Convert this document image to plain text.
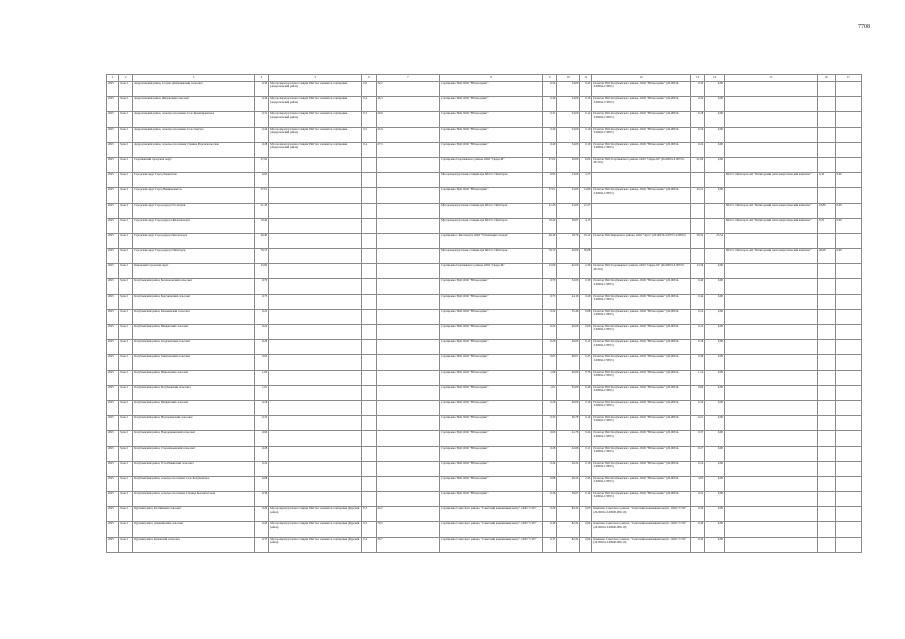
7708
1	2	3	4	5	6	7	8	9	10	11	12	13	14	15	16	17
2025	Зона 2	Андроповский район, Солуно-Дмитриевский сельсовет	0,36	Мусороперегрузочная станция ТКО без элементов сортировки (Андроповский район)	0,0	32,2	Сортировка ТКО ООО "Югэкосервис"	0,54	54,00	0,22	Полигон ТКО Кочубеевского района, ООО "Югэкосервис" (26-00014-З-00604-170815)	0,32	0,00			
2025	Зона 2	Андроповский район, Янкульский сельсовет	0,46	Мусороперегрузочная станция ТКО без элементов сортировки (Андроповский район)	0,4	46,3	Сортировка ТКО ООО "Югэкосервис"	0,40	54,00	0,16	Полигон ТКО Кочубеевского района, ООО "Югэкосервис" (26-00014-З-00604-170815)	0,24	0,00			
2025	Зона 2	Андроповский район, сельское поселение Село Крымгиреевское	0,31	Мусороперегрузочная станция ТКО без элементов сортировки (Андроповский район)	0,3	29,9	Сортировка ТКО ООО "Югэкосервис"	0,31	54,00	0,12	Полигон ТКО Кочубеевского района, ООО "Югэкосервис" (26-00014-З-00604-170815)	0,18	0,00			
2025	Зона 2	Андроповский район, сельское поселение Село Светлое	0,26	Мусороперегрузочная станция ТКО без элементов сортировки (Андроповский район)	0,2	25,9	Сортировка ТКО ООО "Югэкосервис"	0,26	54,00	0,10	Полигон ТКО Кочубеевского района, ООО "Югэкосервис" (26-00014-З-00604-170815)	0,16	0,00			
2025	Зона 2	Андроповский район, сельское поселение Станица Воровсколесская	0,28	Мусороперегрузочная станция ТКО без элементов сортировки (Андроповский район)	0,4	27,3	Сортировка ТКО ООО "Югэкосервис"	0,40	54,00	0,16	Полигон ТКО Кочубеевского района, ООО "Югэкосервис" (26-00014-З-00604-170815)	0,24	0,00			
2025	Зона 2	Георгиевский городской округ	27,02				Сортировка Георгиевского района ООО "Сфера-М"	27,02	20,00	6,02	Полигон ТКО Георгиевского района, ООО "Сфера-М" (26-00019-З-00570-201116)	21,00	0,00			
2025	Зона 2	Городской округ Город Лермонтов	6,93				Мусороперегрузочная станция при МСО г. Пятигорск	6,93	23,00	2,77				МСО г. Пятигорск АО "Пятигорский теплоэнергетический комплекс"	4,16	0,00
2025	Зона 2	Городской округ Город Невинномысск	37,01				Сортировка ТКО ООО "Югэкосервис"	37,01	23,00	14,80	Полигон ТКО Кочубеевского района, ООО "Югэкосервис" (26-00014-З-00604-170815)	22,21	0,00			
2025	Зона 2	Городской округ Город-курорт Ессентуки	21,43				Мусороперегрузочная станция при МСО г. Пятигорск	21,43	23,00	12,57				МСО г. Пятигорск АО "Пятигорский теплоэнергетический комплекс"	18,86	0,00
2025	Зона 2	Городской округ Город-курорт Железноводск	10,42				Мусороперегрузочная станция при МСО г. Пятигорск	10,42	39,07	4,13				МСО г. Пятигорск АО "Пятигорский теплоэнергетический комплекс"	6,25	0,00
2025	Зона 2	Городской округ Город-курорт Кисловодск	40,40				Сортировка г. Кисловодск ООО "Утилизация отходов"	40,40	18,79	19,12	Полигон ТКО Кировского района, ООО "Арго" (26-00016-З-00715-210815)	28,32	25,54			
2025	Зона 2	Городской округ Город-курорт Пятигорск	76,13				Мусороперегрузочная станция при МСО г. Пятигорск	76,13	20,00	30,08				МСО г. Пятигорск АО "Пятигорский теплоэнергетический комплекс"	46,08	0,00
2025	Зона 2	Кировский городской округ	15,66				Сортировка Георгиевского района ООО "Сфера-М"	15,66	62,00	2,30	Полигон ТКО Георгиевского района, ООО "Сфера-М" (26-00019-З-00570-201116)	13,36	0,00			
2025	Зона 2	Кочубеевский район, Балахоновский сельсовет	0,70				Сортировка ТКО ООО "Югэкосервис"	0,70	32,00	0,30	Полигон ТКО Кочубеевского района, ООО "Югэкосервис" (26-00014-З-00604-170815)	0,40	0,00			
2025	Зона 2	Кочубеевский район, Барсуковский сельсовет	0,73				Сортировка ТКО ООО "Югэкосервис"	0,73	44,19	0,29	Полигон ТКО Кочубеевского района, ООО "Югэкосервис" (26-00014-З-00604-170815)	0,44	0,00			
2025	Зона 2	Кочубеевский район, Казьминский сельсовет	0,22				Сортировка ТКО ООО "Югэкосервис"	0,22	35,46	0,08	Полигон ТКО Кочубеевского района, ООО "Югэкосервис" (26-00014-З-00604-170815)	0,14	0,00			
2025	Зона 2	Кочубеевский район, Мищенский сельсовет	0,24				Сортировка ТКО ООО "Югэкосервис"	0,24	40,00	0,09	Полигон ТКО Кочубеевского района, ООО "Югэкосервис" (26-00014-З-00604-170815)	0,14	0,00			
2025	Зона 2	Кочубеевский район, Георгиевский сельсовет	0,29				Сортировка ТКО ООО "Югэкосервис"	0,29	40,00	0,12	Полигон ТКО Кочубеевского района, ООО "Югэкосервис" (26-00014-З-00604-170815)	0,18	0,00			
2025	Зона 2	Кочубеевский район, Заветненский сельсовет	0,63				Сортировка ТКО ООО "Югэкосервис"	0,63	60,01	0,25	Полигон ТКО Кочубеевского района, ООО "Югэкосервис" (26-00014-З-00604-170815)	0,38	0,00			
2025	Зона 2	Кочубеевский район, Ивановский сельсовет	1,90				Сортировка ТКО ООО "Югэкосервис"	1,90	40,00	0,76	Полигон ТКО Кочубеевского района, ООО "Югэкосервис" (26-00014-З-00604-170815)	1,14	0,00			
2025	Зона 2	Кочубеевский район, Кочубеевский сельсовет	1,01				Сортировка ТКО ООО "Югэкосервис"	1,01	35,00	0,40	Полигон ТКО Кочубеевского района, ООО "Югэкосервис" (26-00014-З-00604-170815)	0,60	0,00			
2025	Зона 2	Кочубеевский район, Мищенский сельсовет	0,26				Сортировка ТКО ООО "Югэкосервис"	0,26	40,00	0,10	Полигон ТКО Кочубеевского района, ООО "Югэкосервис" (26-00014-З-00604-170815)	0,16	0,00			
2025	Зона 2	Кочубеевский район, Надзорненский сельсовет	0,35				Сортировка ТКО ООО "Югэкосервис"	0,35	56,78	0,14	Полигон ТКО Кочубеевского района, ООО "Югэкосервис" (26-00014-З-00604-170815)	0,21	0,00			
2025	Зона 2	Кочубеевский район, Новодеревенский сельсовет	0,60				Сортировка ТКО ООО "Югэкосервис"	0,60	41,78	0,24	Полигон ТКО Кочубеевского района, ООО "Югэкосервис" (26-00014-З-00604-170815)	0,37	0,00			
2025	Зона 2	Кочубеевский район, Старомарьевский сельсовет	0,28				Сортировка ТКО ООО "Югэкосервис"	0,28	42,68	0,11	Полигон ТКО Кочубеевского района, ООО "Югэкосервис" (26-00014-З-00604-170815)	0,17	0,00			
2025	Зона 2	Кочубеевский район, Усть-Невинский сельсовет	0,24				Сортировка ТКО ООО "Югэкосервис"	0,24	29,24	0,10	Полигон ТКО Кочубеевского района, ООО "Югэкосервис" (26-00014-З-00604-170815)	0,14	0,00			
2025	Зона 2	Кочубеевский район, сельское поселение Село Кочубеевское	6,08				Сортировка ТКО ООО "Югэкосервис"	6,08	40,24	2,43	Полигон ТКО Кочубеевского района, ООО "Югэкосервис" (26-00014-З-00604-170815)	3,65	0,00			
2025	Зона 2	Кочубеевский район, сельское поселение Станица Беломечетская	0,36				Сортировка ТКО ООО "Югэкосервис"	0,36	39,67	0,14	Полигон ТКО Кочубеевского района, ООО "Югэкосервис" (26-00014-З-00604-170815)	0,21	0,00			
2025	Зона 2	Курский район, Балтийский сельсовет	0,29	Мусороперегрузочная станция ТКО без элементов сортировки (Курский район)	0,3	42,2	Сортировка Советского района, "Советский кожевенный центр", ООО "СТО"	0,29	82,24	0,03	Комплекс Советского района, "Советский кожевенный центр", ООО "СТО" (26-00024-З-00000-081110)	0,26	0,00			
2025	Зона 2	Курский район, Данилинский сельсовет	0,49	Мусороперегрузочная станция ТКО без элементов сортировки (Курский район)	0,5	70,5	Сортировка Советского района, "Советский кожевенный центр", ООО "СТО"	0,49	82,24	0,04	Комплекс Советского района, "Советский кожевенный центр", ООО "СТО" (26-00024-З-00000-081110)	0,46	0,00			
2025	Зона 2	Курский район, Каховский сельсовет	0,37	Мусороперегрузочная станция ТКО без элементов сортировки (Курский район)	0,4	39,7	Сортировка Советского района, "Советский кожевенный центр", ООО "СТО"	0,37	82,24	0,04	Комплекс Советского района, "Советский кожевенный центр", ООО "СТО" (26-00024-З-00000-081110)	0,34	0,00			
